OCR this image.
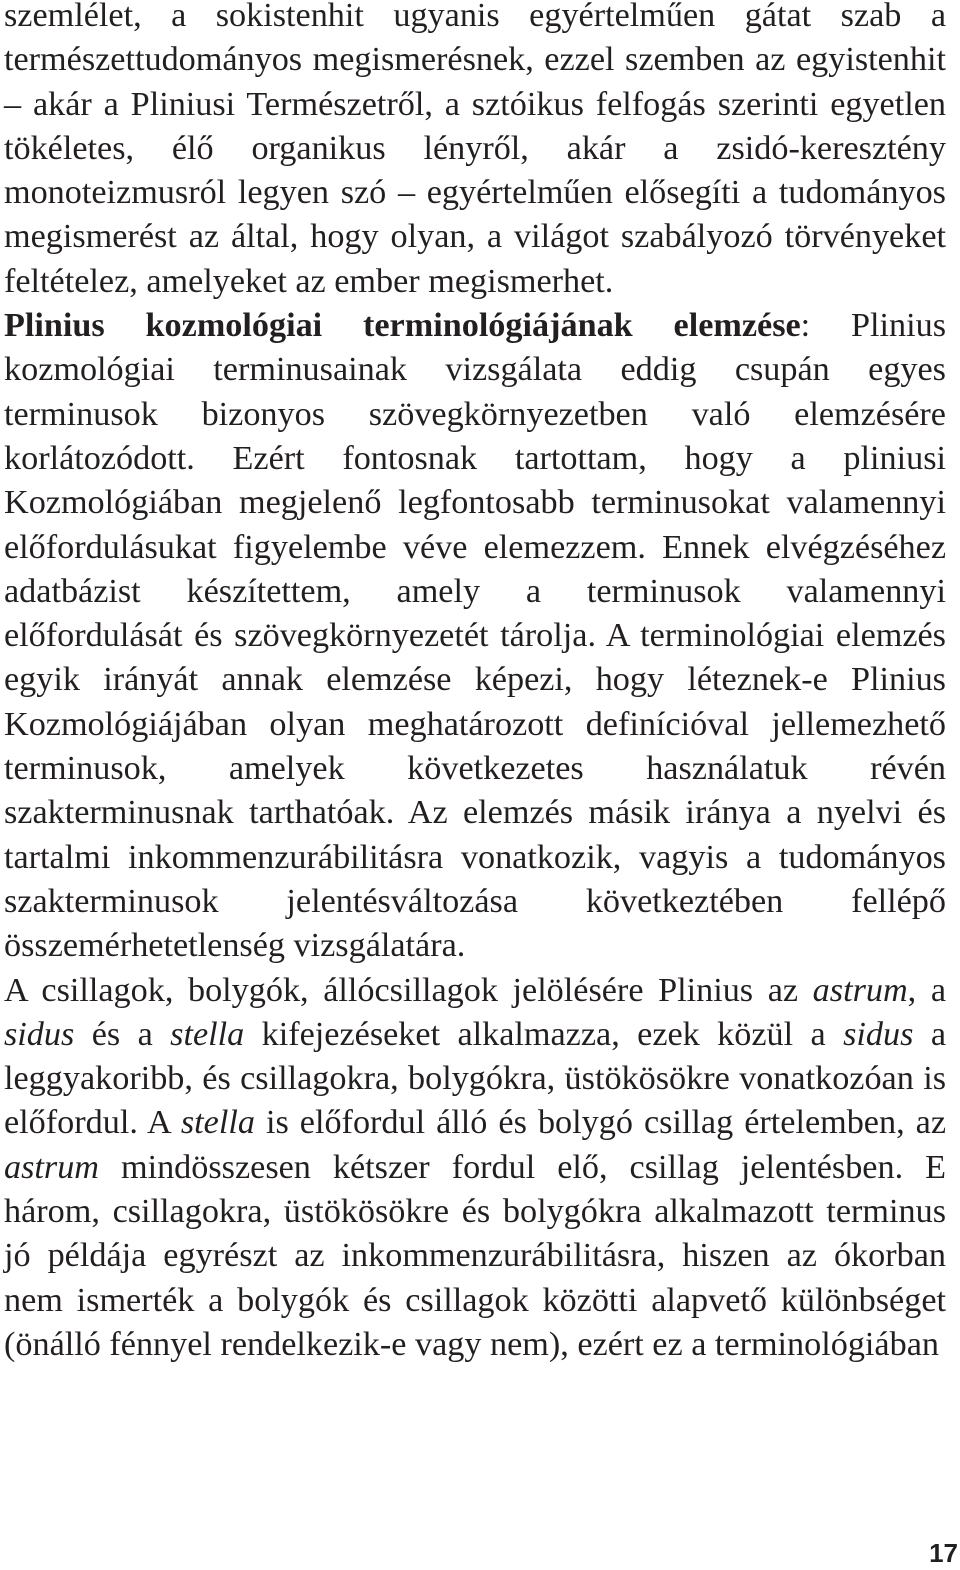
szemlélet, a sokistenhit ugyanis egyértelműen gátat szab a természettudományos megismerésnek, ezzel szemben az egyistenhit – akár a Pliniusi Természetről, a sztóikus felfogás szerinti egyetlen tökéletes, élő organikus lényről, akár a zsidó-keresztény monoteizmusról legyen szó – egyértelműen elősegíti a tudományos megismerést az által, hogy olyan, a világot szabályozó törvényeket feltételez, amelyeket az ember megismerhet.

Plinius kozmológiai terminológiájának elemzése: Plinius kozmológiai terminusainak vizsgálata eddig csupán egyes terminusok bizonyos szövegkörnyezetben való elemzésére korlátozódott. Ezért fontosnak tartottam, hogy a pliniusi Kozmológiában megjelenő legfontosabb terminusokat valamennyi előfordulásukat figyelembe véve elemezzem. Ennek elvégzéséhez adatbázist készítettem, amely a terminusok valamennyi előfordulását és szövegkörnyezetét tárolja. A terminológiai elemzés egyik irányát annak elemzése képezi, hogy léteznek-e Plinius Kozmológiájában olyan meghatározott definícióval jellemezhető terminusok, amelyek következetes használatuk révén szakterminusnak tarthatóak. Az elemzés másik iránya a nyelvi és tartalmi inkommenzurábilitásra vonatkozik, vagyis a tudományos szakterminusok jelentésváltozása következtében fellépő összemérhetetlenség vizsgálatára.

A csillagok, bolygók, állócsillagok jelölésére Plinius az astrum, a sidus és a stella kifejezéseket alkalmazza, ezek közül a sidus a leggyakoribb, és csillagokra, bolygókra, üstökösökre vonatkozóan is előfordul. A stella is előfordul álló és bolygó csillag értelemben, az astrum mindösszesen kétszer fordul elő, csillag jelentésben. E három, csillagokra, üstökösökre és bolygókra alkalmazott terminus jó példája egyrészt az inkommenzurábilitásra, hiszen az ókorban nem ismerték a bolygók és csillagok közötti alapvető különbséget (önálló fénnyel rendelkezik-e vagy nem), ezért ez a terminológiában

17
